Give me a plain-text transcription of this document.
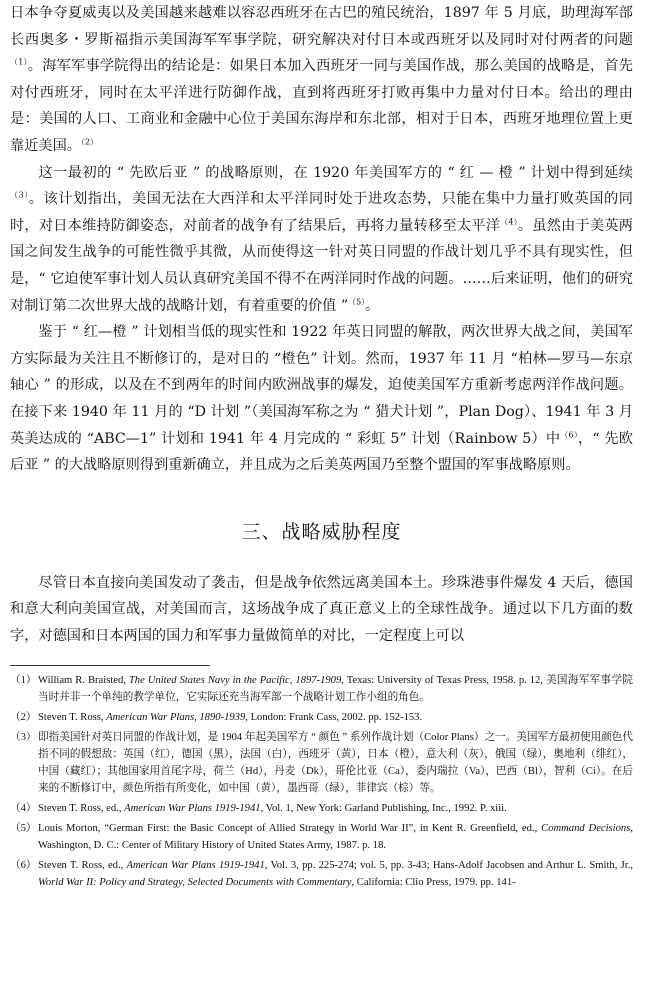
日本争夺夏威夷以及美国越来越难以容忍西班牙在古巴的殖民统治，1897 年 5 月底，助理海军部长西奥多・罗斯福指示美国海军军事学院，研究解决对付日本或西班牙以及同时对付两者的问题$^{(1)}$。海军军事学院得出的结论是：如果日本加入西班牙一同与美国作战，那么美国的战略是，首先对付西班牙，同时在太平洋进行防御作战，直到将西班牙打败再集中力量对付日本。给出的理由是：美国的人口、工商业和金融中心位于美国东海岸和东北部，相对于日本，西班牙地理位置上更靠近美国。$^{(2)}$

这一最初的 “ 先欧后亚 ” 的战略原则，在 1920 年美国军方的 “ 红 — 橙 ” 计划中得到延续$^{(3)}$。该计划指出，美国无法在大西洋和太平洋同时处于进攻态势，只能在集中力量打败英国的同时，对日本维持防御姿态，对前者的战争有了结果后，再将力量转移至太平洋$^{(4)}$。虽然由于美英两国之间发生战争的可能性微乎其微，从而使得这一针对英日同盟的作战计划几乎不具有现实性，但是，“ 它迫使军事计划人员认真研究美国不得不在两洋同时作战的问题。……后来证明，他们的研究对制订第二次世界大战的战略计划，有着重要的价值 ”$^{(5)}$。

鉴于 “ 红—橙 ” 计划相当低的现实性和 1922 年英日同盟的解散，两次世界大战之间，美国军方实际最为关注且不断修订的，是对日的 “橙色” 计划。然而，1937 年 11 月 “柏林—罗马—东京轴心 ” 的形成，以及在不到两年的时间内欧洲战事的爆发，迫使美国军方重新考虑两洋作战问题。在接下来 1940 年 11 月的 “D 计划 ”（美国海军称之为 “ 猎犬计划 ”，Plan Dog）、1941 年 3 月英美达成的 “ABC—1” 计划和 1941 年 4 月完成的 “ 彩虹 5” 计划（Rainbow 5）中$^{(6)}$，“ 先欧后亚 ” 的大战略原则得到重新确立，并且成为之后美英两国乃至整个盟国的军事战略原则。

三、战略威胁程度

尽管日本直接向美国发动了袭击，但是战争依然远离美国本土。珍珠港事件爆发 4 天后，德国和意大利向美国宣战，对美国而言，这场战争成了真正意义上的全球性战争。通过以下几方面的数字，对德国和日本两国的国力和军事力量做简单的对比，一定程度上可以

（1） William R. Braisted, The United States Navy in the Pacific, 1897-1909, Texas: University of Texas Press, 1958. p. 12, 美国海军军事学院当时并非一个单纯的教学单位，它实际还充当海军部一个战略计划工作小组的角色。
（2） Steven T. Ross, American War Plans, 1890-1939, London: Frank Cass, 2002. pp. 152-153.
（3） 即指美国针对英日同盟的作战计划，是 1904 年起美国军方 “ 颜色 ” 系列作战计划（Color Plans）之一。美国军方最初使用颜色代指不同的假想敌：英国（红），德国（黑），法国（白），西班牙（黄），日本（橙），意大利（灰），俄国（绿），奥地利（绯红），中国（藏红）；其他国家用首尾字母，荷兰（Hd），丹麦（Dk），哥伦比亚（Ca），委内瑞拉（Va），巴西（Bl），智利（Ci）。在后来的不断修订中，颜色所指有所变化，如中国（黄），墨西哥（绿），菲律宾（棕）等。
（4） Steven T. Ross, ed., American War Plans 1919-1941, Vol. 1, New York: Garland Publishing, Inc., 1992. P. xiii.
（5） Louis Morton, “German First: the Basic Concept of Allied Strategy in World War II”, in Kent R. Greenfield, ed., Command Decisions, Washington, D. C.: Center of Military History of United States Army, 1987. p. 18.
（6） Steven T. Ross, ed., American War Plans 1919-1941, Vol. 3, pp. 225-274; vol. 5, pp. 3-43; Hans-Adolf Jacobsen and Arthur L. Smith, Jr., World War II: Policy and Strategy, Selected Documents with Commentary, California: Clio Press, 1979. pp. 141-
